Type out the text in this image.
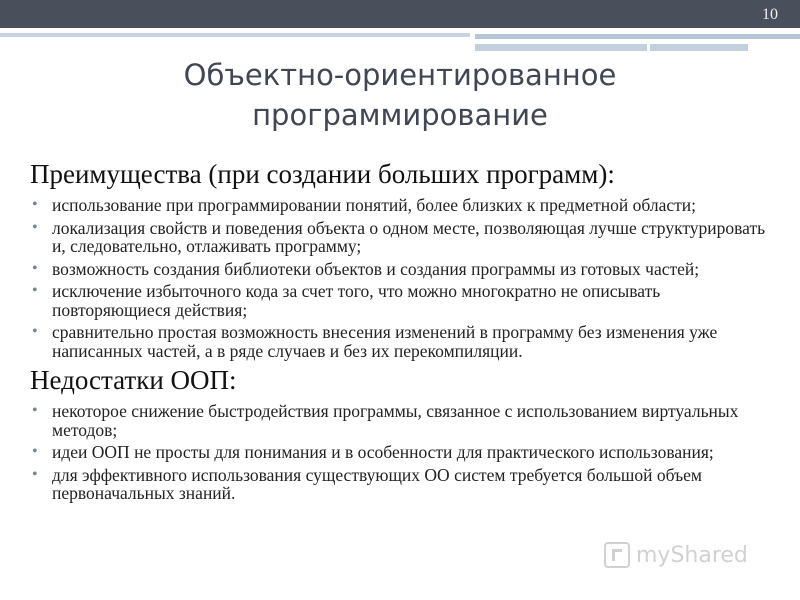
10
Объектно-ориентированное
программирование
Преимущества (при создании больших программ):
• использование при программировании понятий, более близких к предметной области;
• локализация свойств и поведения объекта о одном месте, позволяющая лучше структурировать и, следовательно, отлаживать программу;
• возможность создания библиотеки объектов и создания программы из готовых частей;
• исключение избыточного кода за счет того, что можно многократно не описывать повторяющиеся действия;
• сравнительно простая возможность внесения изменений в программу без изменения уже написанных частей, а в ряде случаев и без их перекомпиляции.
Недостатки ООП:
• некоторое снижение быстродействия программы, связанное с использованием виртуальных методов;
• идеи ООП не просты для понимания и в особенности для практического использования;
• для эффективного использования существующих ОО систем требуется большой объем первоначальных знаний.
myShared
